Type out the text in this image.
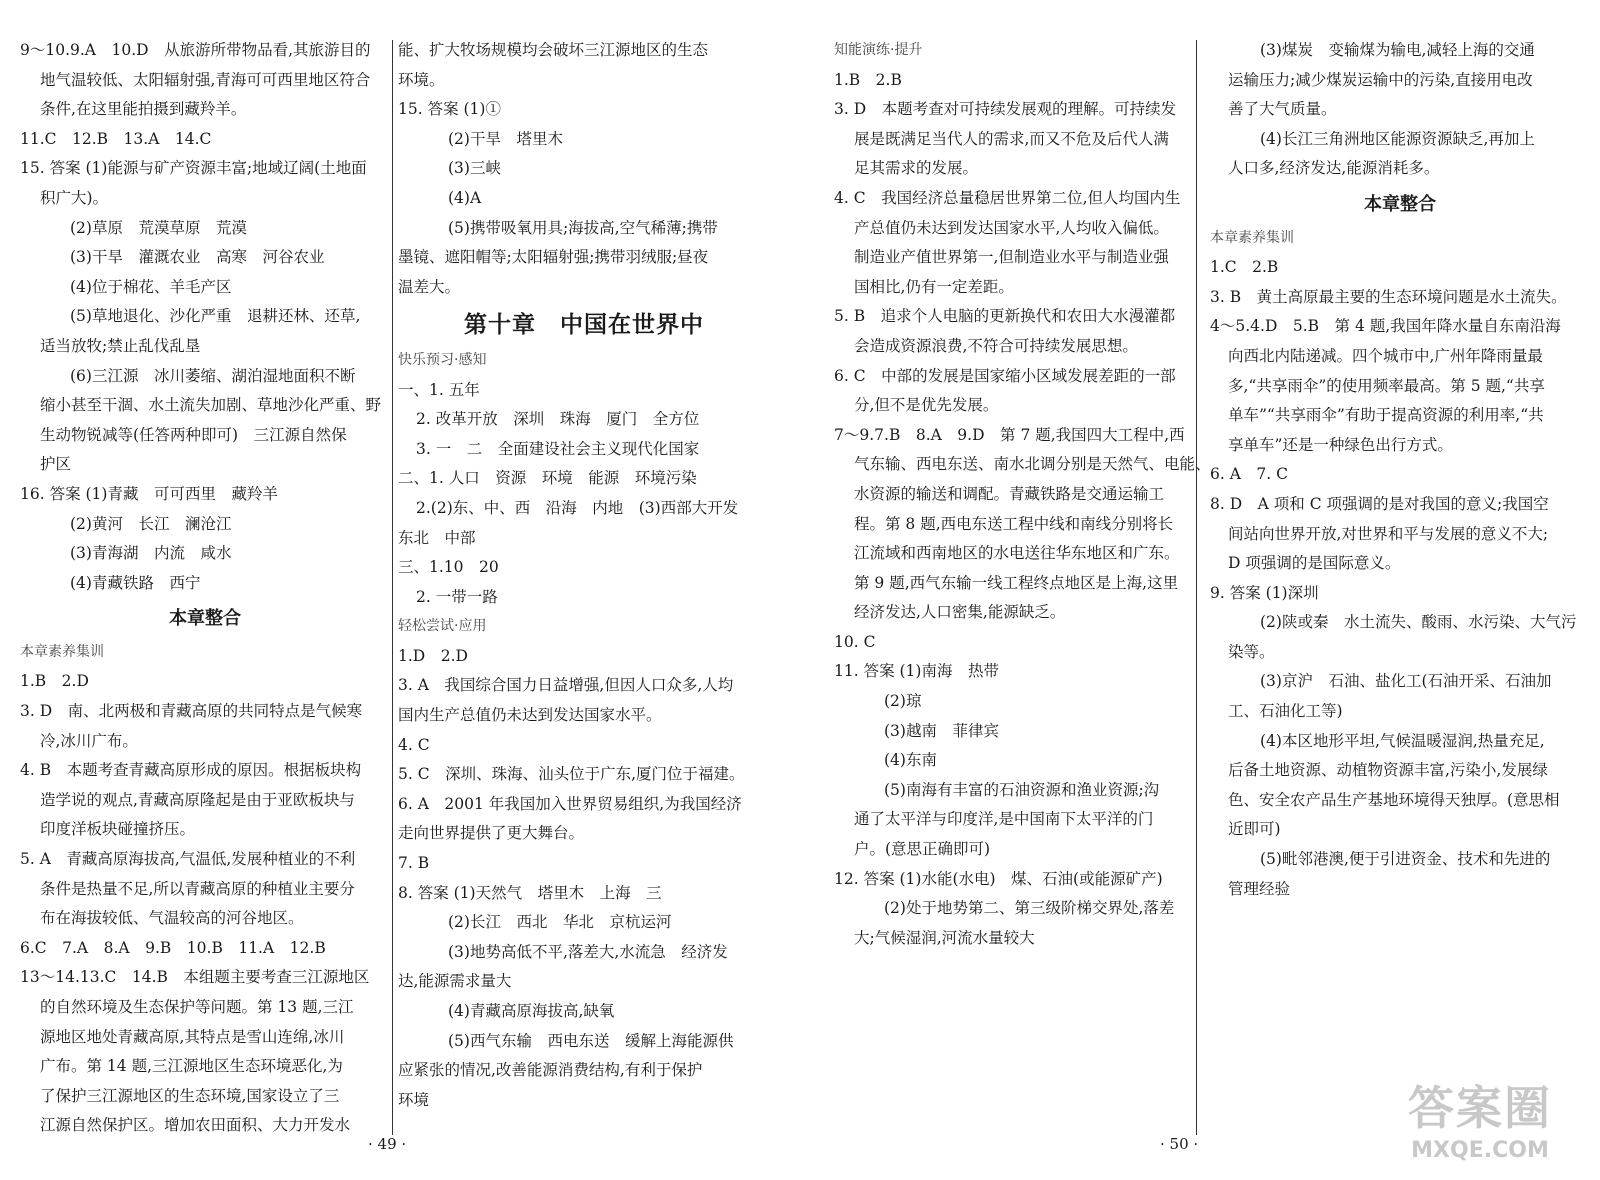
9～10.9.A　10.D　从旅游所带物品看,其旅游目的
地气温较低、太阳辐射强,青海可可西里地区符合
条件,在这里能拍摄到藏羚羊。
11.C　12.B　13.A　14.C
15. 答案 (1)能源与矿产资源丰富;地域辽阔(土地面
积广大)。
(2)草原　荒漠草原　荒漠
(3)干旱　灌溉农业　高寒　河谷农业
(4)位于棉花、羊毛产区
(5)草地退化、沙化严重　退耕还林、还草,
适当放牧;禁止乱伐乱垦
(6)三江源　冰川萎缩、湖泊湿地面积不断
缩小甚至干涸、水土流失加剧、草地沙化严重、野
生动物锐减等(任答两种即可)　三江源自然保
护区
16. 答案 (1)青藏　可可西里　藏羚羊
(2)黄河　长江　澜沧江
(3)青海湖　内流　咸水
(4)青藏铁路　西宁
本章整合
本章素养集训
1.B　2.D
3. D　南、北两极和青藏高原的共同特点是气候寒
冷,冰川广布。
4. B　本题考查青藏高原形成的原因。根据板块构
造学说的观点,青藏高原隆起是由于亚欧板块与
印度洋板块碰撞挤压。
5. A　青藏高原海拔高,气温低,发展种植业的不利
条件是热量不足,所以青藏高原的种植业主要分
布在海拔较低、气温较高的河谷地区。
6.C　7.A　8.A　9.B　10.B　11.A　12.B
13～14.13.C　14.B　本组题主要考查三江源地区
的自然环境及生态保护等问题。第 13 题,三江
源地区地处青藏高原,其特点是雪山连绵,冰川
广布。第 14 题,三江源地区生态环境恶化,为
了保护三江源地区的生态环境,国家设立了三
江源自然保护区。增加农田面积、大力开发水
能、扩大牧场规模均会破坏三江源地区的生态
环境。
15. 答案 (1)①
(2)干旱　塔里木
(3)三峡
(4)A
(5)携带吸氧用具;海拔高,空气稀薄;携带
墨镜、遮阳帽等;太阳辐射强;携带羽绒服;昼夜
温差大。
第十章　中国在世界中
快乐预习·感知
一、1. 五年
2. 改革开放　深圳　珠海　厦门　全方位
3. 一　二　全面建设社会主义现代化国家
二、1. 人口　资源　环境　能源　环境污染
2.(2)东、中、西　沿海　内地　(3)西部大开发
东北　中部
三、1.10　20
2. 一带一路
轻松尝试·应用
1.D　2.D
3. A　我国综合国力日益增强,但因人口众多,人均
国内生产总值仍未达到发达国家水平。
4. C
5. C　深圳、珠海、汕头位于广东,厦门位于福建。
6. A　2001 年我国加入世界贸易组织,为我国经济
走向世界提供了更大舞台。
7. B
8. 答案 (1)天然气　塔里木　上海　三
(2)长江　西北　华北　京杭运河
(3)地势高低不平,落差大,水流急　经济发
达,能源需求量大
(4)青藏高原海拔高,缺氧
(5)西气东输　西电东送　缓解上海能源供
应紧张的情况,改善能源消费结构,有利于保护
环境
知能演练·提升
1.B　2.B
3. D　本题考查对可持续发展观的理解。可持续发
展是既满足当代人的需求,而又不危及后代人满
足其需求的发展。
4. C　我国经济总量稳居世界第二位,但人均国内生
产总值仍未达到发达国家水平,人均收入偏低。
制造业产值世界第一,但制造业水平与制造业强
国相比,仍有一定差距。
5. B　追求个人电脑的更新换代和农田大水漫灌都
会造成资源浪费,不符合可持续发展思想。
6. C　中部的发展是国家缩小区域发展差距的一部
分,但不是优先发展。
7～9.7.B　8.A　9.D　第 7 题,我国四大工程中,西
气东输、西电东送、南水北调分别是天然气、电能、
水资源的输送和调配。青藏铁路是交通运输工
程。第 8 题,西电东送工程中线和南线分别将长
江流域和西南地区的水电送往华东地区和广东。
第 9 题,西气东输一线工程终点地区是上海,这里
经济发达,人口密集,能源缺乏。
10. C
11. 答案 (1)南海　热带
(2)琼
(3)越南　菲律宾
(4)东南
(5)南海有丰富的石油资源和渔业资源;沟
通了太平洋与印度洋,是中国南下太平洋的门
户。(意思正确即可)
12. 答案 (1)水能(水电)　煤、石油(或能源矿产)
(2)处于地势第二、第三级阶梯交界处,落差
大;气候湿润,河流水量较大
(3)煤炭　变输煤为输电,减轻上海的交通
运输压力;减少煤炭运输中的污染,直接用电改
善了大气质量。
(4)长江三角洲地区能源资源缺乏,再加上
人口多,经济发达,能源消耗多。
本章整合
本章素养集训
1.C　2.B
3. B　黄土高原最主要的生态环境问题是水土流失。
4～5.4.D　5.B　第 4 题,我国年降水量自东南沿海
向西北内陆递减。四个城市中,广州年降雨量最
多,“共享雨伞”的使用频率最高。第 5 题,“共享
单车”“共享雨伞”有助于提高资源的利用率,“共
享单车”还是一种绿色出行方式。
6. A　7. C
8. D　A 项和 C 项强调的是对我国的意义;我国空
间站向世界开放,对世界和平与发展的意义不大;
D 项强调的是国际意义。
9. 答案 (1)深圳
(2)陕或秦　水土流失、酸雨、水污染、大气污
染等。
(3)京沪　石油、盐化工(石油开采、石油加
工、石油化工等)
(4)本区地形平坦,气候温暖湿润,热量充足,
后备土地资源、动植物资源丰富,污染小,发展绿
色、安全农产品生产基地环境得天独厚。(意思相
近即可)
(5)毗邻港澳,便于引进资金、技术和先进的
管理经验
· 49 ·	· 50 ·
答案圈
MXQE.COM
